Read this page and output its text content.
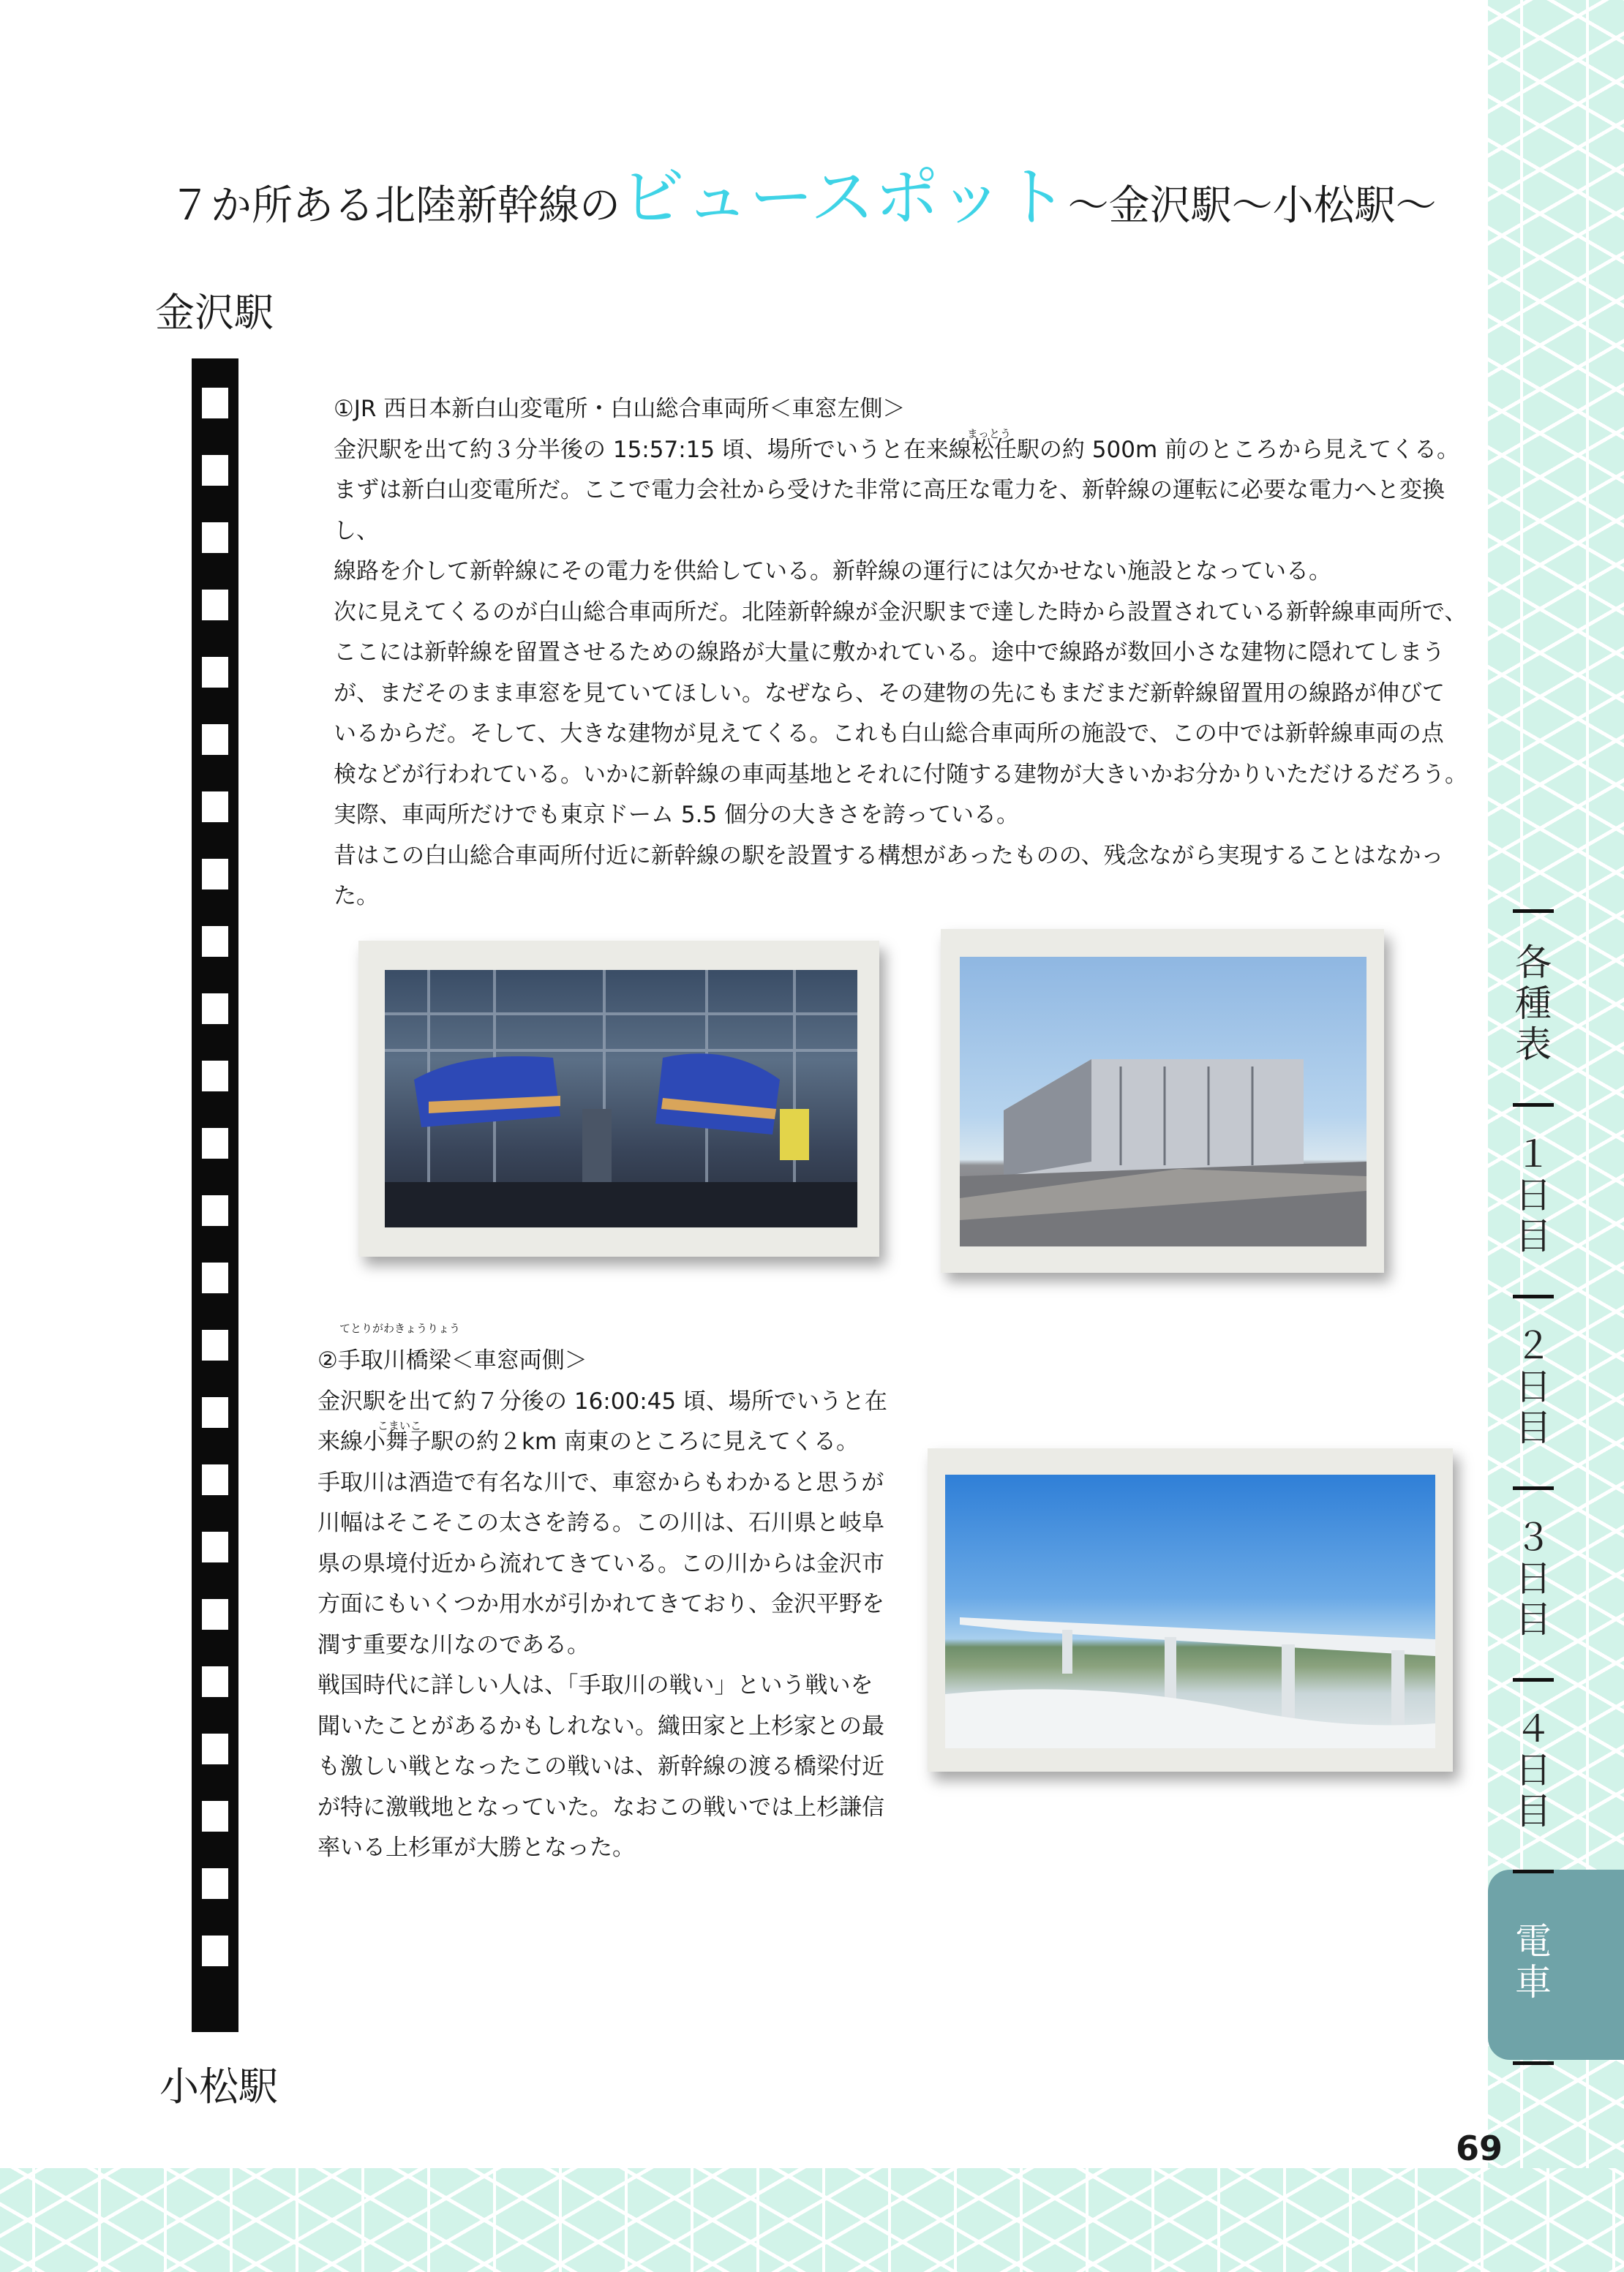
７か所ある北陸新幹線のビュースポット〜金沢駅〜小松駅〜
金沢駅
小松駅

①JR 西日本新白山変電所・白山総合車両所＜車窓左側＞

まっとう

金沢駅を出て約３分半後の 15:57:15 頃、場所でいうと在来線松任駅の約 500m 前のところから見えてくる。

まずは新白山変電所だ。ここで電力会社から受けた非常に高圧な電力を、新幹線の運転に必要な電力へと変換し、

線路を介して新幹線にその電力を供給している。新幹線の運行には欠かせない施設となっている。

次に見えてくるのが白山総合車両所だ。北陸新幹線が金沢駅まで達した時から設置されている新幹線車両所で、

ここには新幹線を留置させるための線路が大量に敷かれている。途中で線路が数回小さな建物に隠れてしまう

が、まだそのまま車窓を見ていてほしい。なぜなら、その建物の先にもまだまだ新幹線留置用の線路が伸びて

いるからだ。そして、大きな建物が見えてくる。これも白山総合車両所の施設で、この中では新幹線車両の点

検などが行われている。いかに新幹線の車両基地とそれに付随する建物が大きいかお分かりいただけるだろう。

実際、車両所だけでも東京ドーム 5.5 個分の大きさを誇っている。

昔はこの白山総合車両所付近に新幹線の駅を設置する構想があったものの、残念ながら実現することはなかっ

た。

てとりがわきょうりょう

②手取川橋梁＜車窓両側＞

金沢駅を出て約７分後の 16:00:45 頃、場所でいうと在

こまいこ

来線小舞子駅の約２km 南東のところに見えてくる。

手取川は酒造で有名な川で、車窓からもわかると思うが

川幅はそこそこの太さを誇る。この川は、石川県と岐阜

県の県境付近から流れてきている。この川からは金沢市

方面にもいくつか用水が引かれてきており、金沢平野を

潤す重要な川なのである。

戦国時代に詳しい人は、「手取川の戦い」という戦いを

聞いたことがあるかもしれない。織田家と上杉家との最

も激しい戦となったこの戦いは、新幹線の渡る橋梁付近

が特に激戦地となっていた。なおこの戦いでは上杉謙信

率いる上杉軍が大勝となった。

各
種
表
１
日
目
２
日
目
３
日
目
４
日
目
電
車
69
